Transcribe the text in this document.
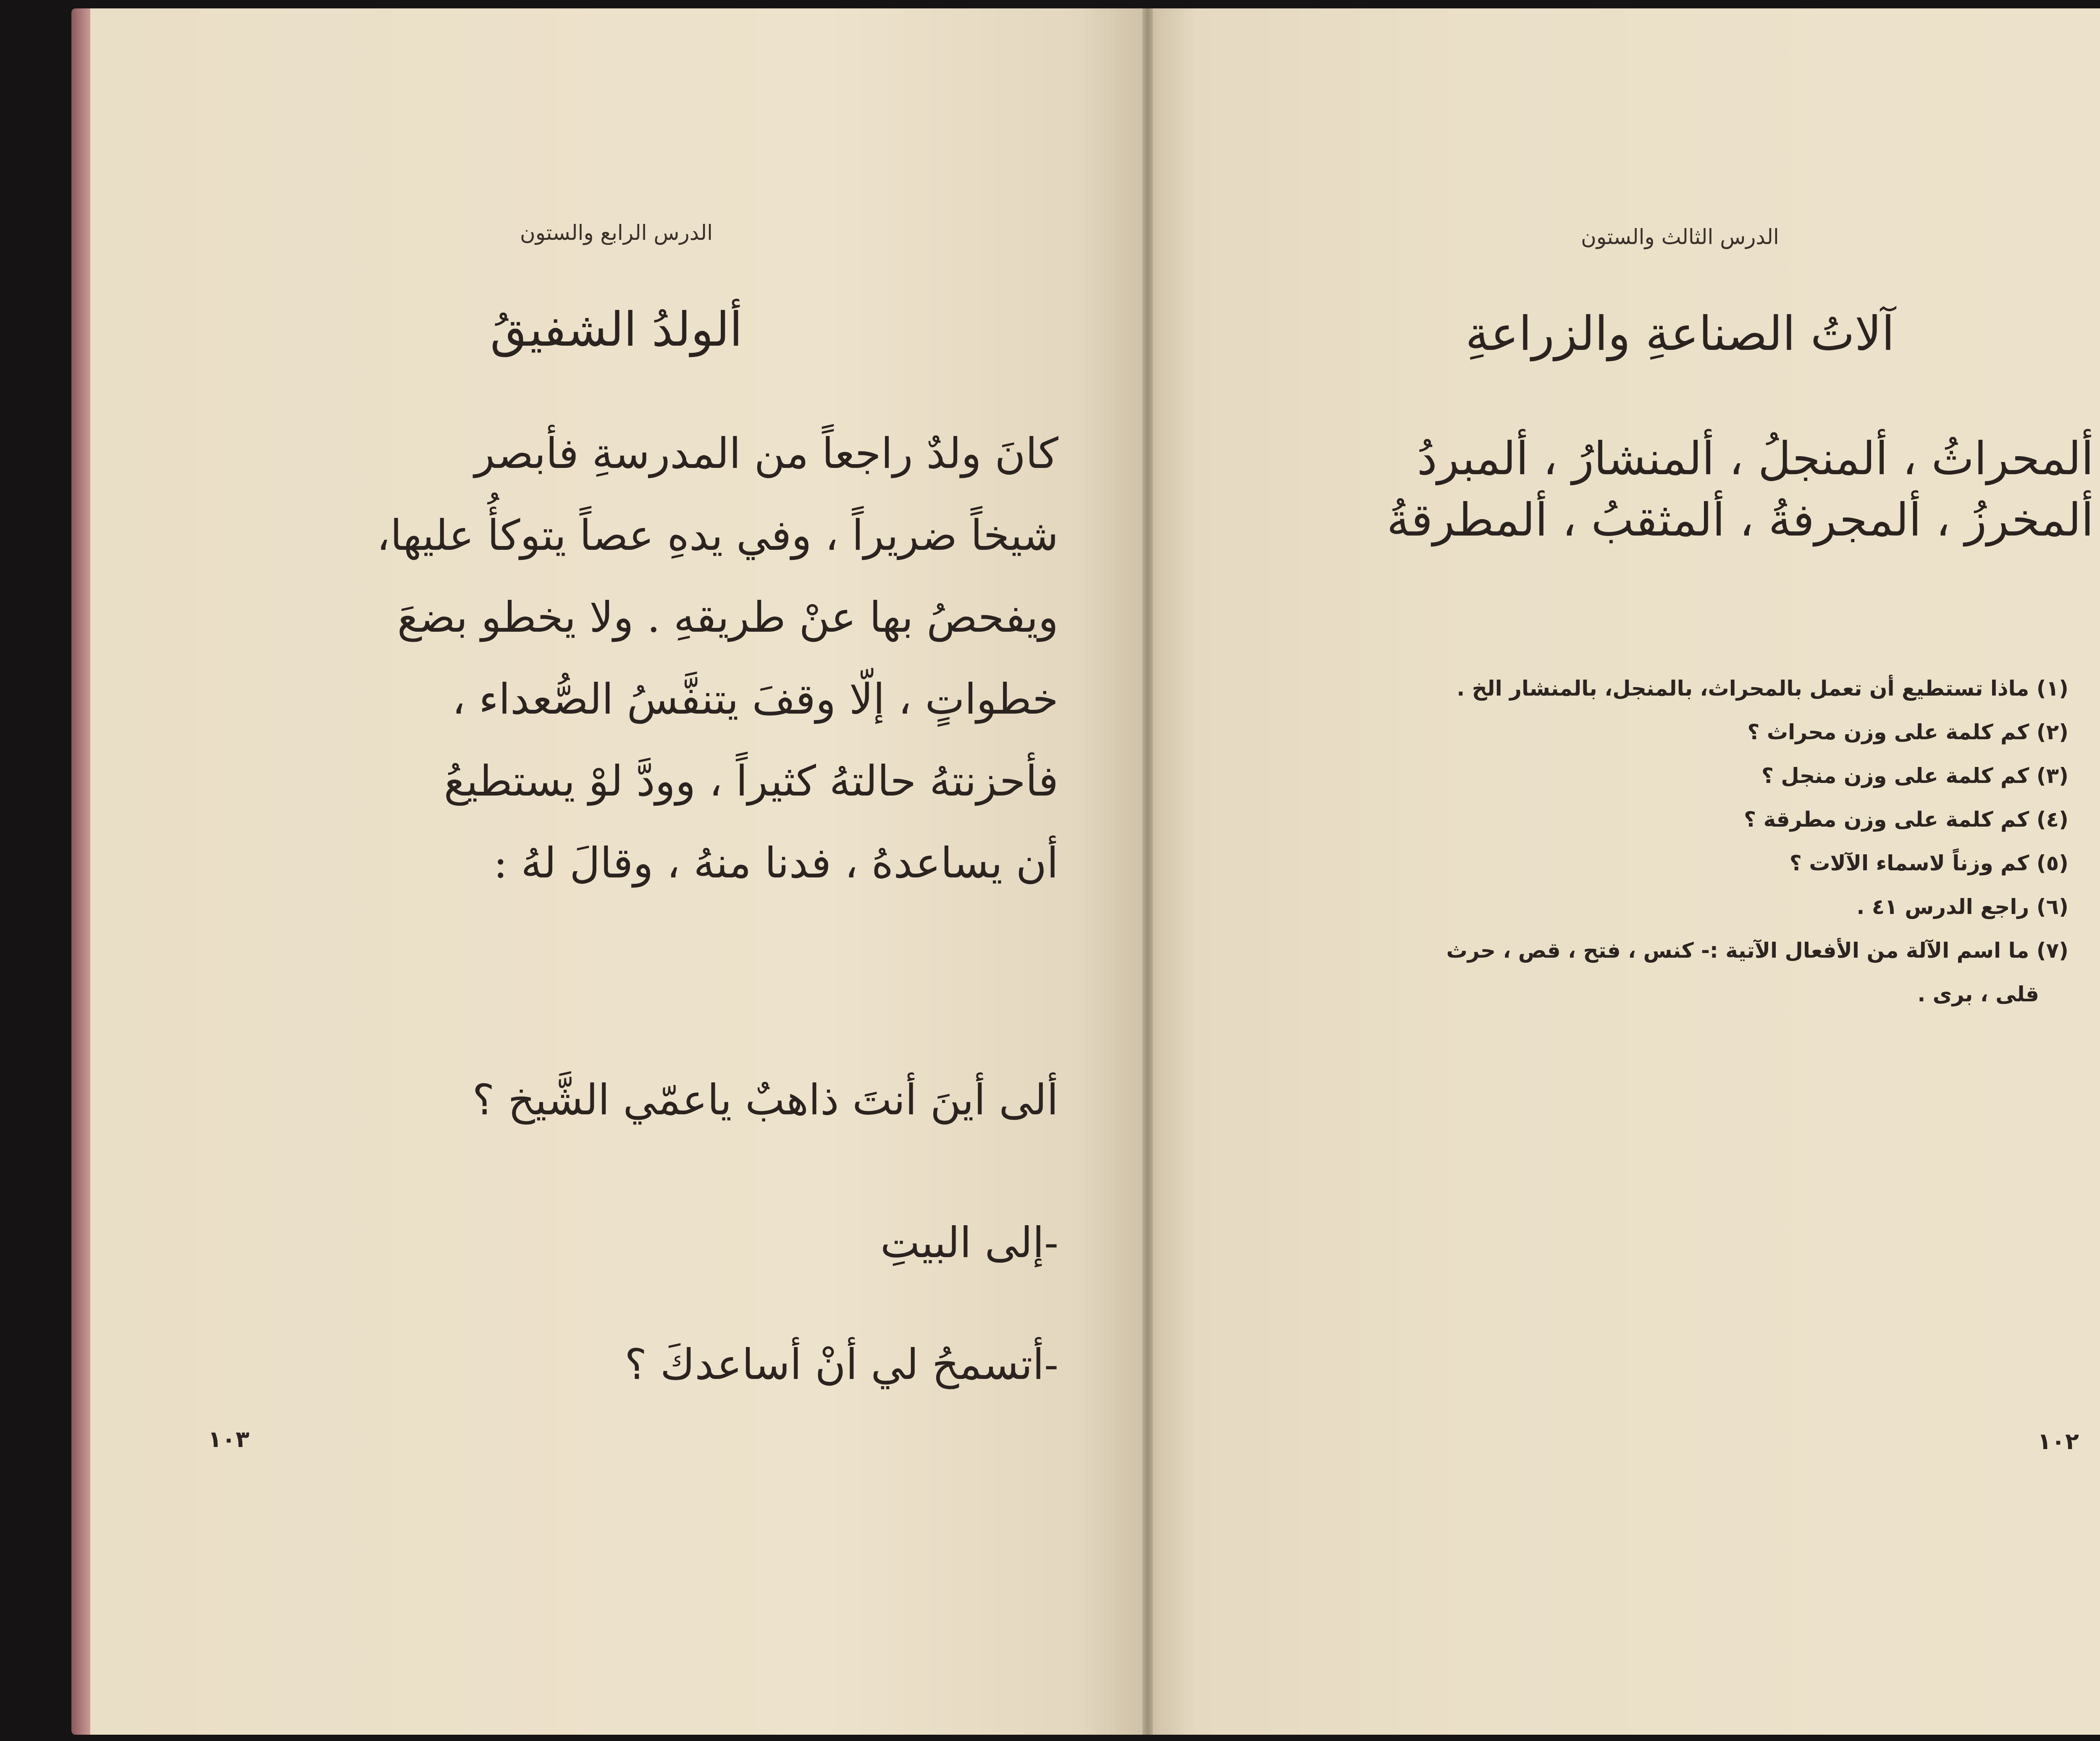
الدرس الرابع والستون
ألولدُ الشفيقُ
كانَ ولدٌ راجعاً من المدرسةِ فأبصر
شيخاً ضريراً ، وفي يدهِ عصاً يتوكأُ عليها،
ويفحصُ بها عنْ طريقهِ . ولا يخطو بضعَ
خطواتٍ ، إلّا وقفَ يتنفَّسُ الصُّعداء ،
فأحزنتهُ حالتهُ كثيراً ، وودَّ لوْ يستطيعُ
أن يساعدهُ ، فدنا منهُ ، وقالَ لهُ :
ألى أينَ أنتَ ذاهبٌ ياعمّي الشَّيخ ؟
-إلى البيتِ
-أتسمحُ لي أنْ أساعدكَ ؟
١٠٣
الدرس الثالث والستون
آلاتُ الصناعةِ والزراعةِ
ألمحراثُ ، ألمنجلُ ، ألمنشارُ ، ألمبردُ
ألمخرزُ ، ألمجرفةُ ، ألمثقبُ ، ألمطرقةُ
(١) ماذا تستطيع أن تعمل بالمحراث، بالمنجل، بالمنشار الخ .
(٢) كم كلمة على وزن محراث ؟
(٣) كم كلمة على وزن منجل ؟
(٤) كم كلمة على وزن مطرقة ؟
(٥) كم وزناً لاسماء الآلات ؟
(٦) راجع الدرس ٤١ .
(٧) ما اسم الآلة من الأفعال الآتية :- كنس ، فتح ، قص ، حرث
قلى ، برى .
١٠٢
